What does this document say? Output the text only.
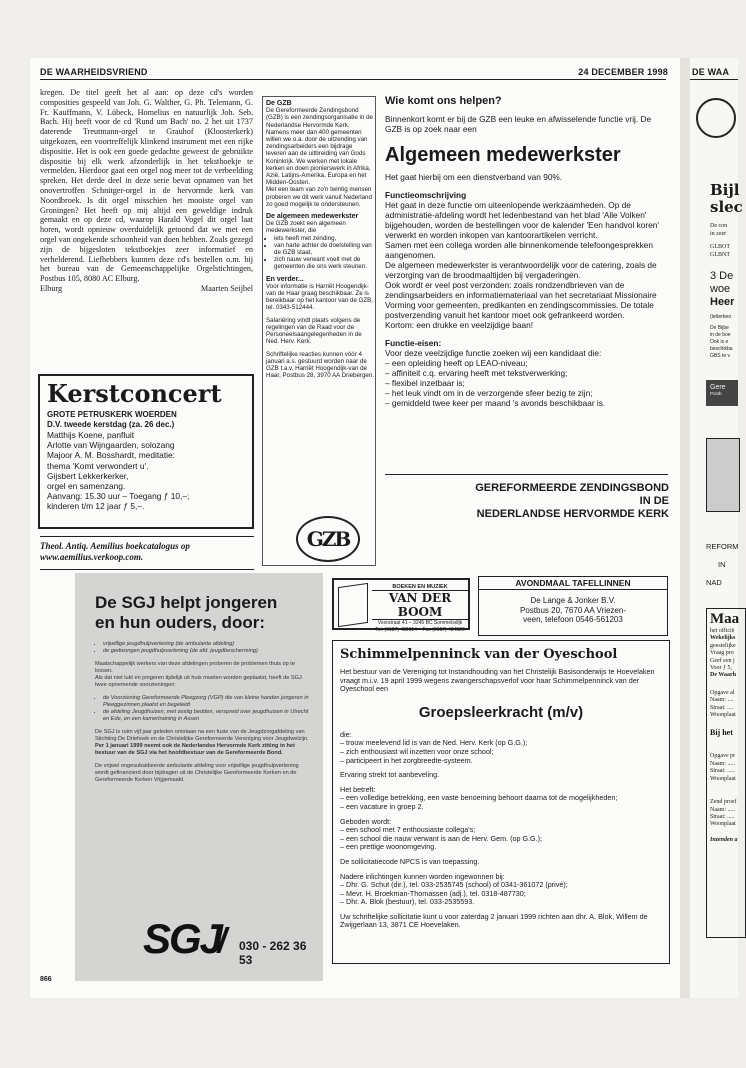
DE WAARHEIDSVRIEND	24 DECEMBER 1998
kregen. De titel geeft het al aan: op deze cd's worden composities gespeeld van Joh. G. Walther, G. Ph. Telemann, G. Fr. Kauffmann, V. Lübeck, Homelius en natuurlijk Joh. Seb. Bach. Hij heeft voor de cd 'Rund um Bach' no. 2 het uit 1737 daterende Treutmann-orgel te Grauhof (Kloosterkerk) uitgekozen, een voortreffelijk klinkend instrument met een rijke dispositie. Het is ook een goede gedachte geweest de gebruikte dispositie bij elk werk afzonderlijk in het tekstboekje te vermelden. Hierdoor gaat een orgel nog meer tot de verbeelding spreken. Het derde deel in deze serie bevat opnamen van het onovertroffen Schnitger-orgel in de hervormde kerk van Noordbroek. Is dit orgel misschien het mooiste orgel van Groningen? Het heeft op mij altijd een geweldige indruk gemaakt en op deze cd, waarop Harald Vogel dit orgel laat horen, wordt opnieuw overduidelijk getoond dat we met een orgel van ongekende schoonheid van doen hebben. Zoals gezegd zijn de bijgesloten tekstboekjes zeer informatief en verhelderend. Liefhebbers kunnen deze cd's bestellen o.m. bij het bureau van de Gemeenschappelijke Orgelstichtingen, Postbus 105, 8080 AC Elburg.
Elburg	Maarten Seijbel
Kerstconcert
GROTE PETRUSKERK WOERDEN
D.V. tweede kerstdag (za. 26 dec.)
Matthijs Koene, panfluit
Arlotte van Wijngaarden, solozang
Majoor A. M. Bosshardt, meditatie:
thema 'Komt verwondert u'.
Gijsbert Lekkerkerker,
orgel en samenzang.
Aanvang: 15.30 uur – Toegang ƒ 10,–;
kinderen t/m 12 jaar ƒ 5,–.
Theol. Antiq. Aemilius boekcatalogus op
www.aemilius.verkoop.com.
De GZB
De Gereformeerde Zendingsbond (GZB) is een zendingsorganisatie in de Nederlandse Hervormde Kerk. Namens meer dan 400 gemeenten willen we o.a. door de uitzending van zendingsarbeiders een bijdrage leveren aan de uitbreiding van Gods Koninkrijk. We werken met lokale kerken en doen pionierswerk in Afrika, Azië, Latijns-Amerika, Europa en het Midden-Oosten.
Met een team van zo'n twintig mensen proberen we dit werk vanuit Nederland zo goed mogelijk te ondersteunen.
De algemeen medewerkster
De GZB zoekt een algemeen medewerkster, die
• iets heeft met zending,
• van harte achter de doelstelling van de GZB staat,
• zich nauw verwant voelt met de gemeenten die ons werk steunen.
En verder...
Voor informatie is Harriët Hoogendijk-van de Haar graag beschikbaar. Ze is bereikbaar op het kantoor van de GZB, tel. 0343-512444.
Salariëring vindt plaats volgens de regelingen van de Raad voor de Personeelsaangelegenheden in de Ned. Herv. Kerk.
Schriftelijke reacties kunnen vóór 4 januari a.s. gestuurd worden naar de GZB t.a.v. Harriët Hoogendijk-van de Haar, Postbus 28, 3970 AA Driebergen.
GZB
Wie komt ons helpen?
Binnenkort komt er bij de GZB een leuke en afwisselende functie vrij. De GZB is op zoek naar een
Algemeen medewerkster
Het gaat hierbij om een dienstverband van 90%.
Functieomschrijving
Het gaat in deze functie om uiteenlopende werkzaamheden. Op de administratie-afdeling wordt het ledenbestand van het blad 'Alle Volken' bijgehouden, worden de bestellingen voor de kalender 'Een handvol koren' verwerkt en worden inkopen van kantoorartikelen verricht.
Samen met een collega worden alle binnenkomende telefoongesprekken aangenomen.
De algemeen medewerkster is verantwoordelijk voor de catering, zoals de verzorging van de broodmaaltijden bij vergaderingen.
Ook wordt er veel post verzonden: zoals rondzendbrieven van de zendingsarbeiders en informatiemateriaal van het secretariaat Missionaire Vorming voor gemeenten, predikanten en zendingscommissies. De totale postverzending vanuit het kantoor moet ook gefrankeerd worden.
Kortom: een drukke en veelzijdige baan!
Functie-eisen:
Voor deze veelzijdige functie zoeken wij een kandidaat die:
– een opleiding heeft op LEAO-niveau;
– affiniteit c.q. ervaring heeft met tekstverwerking;
– flexibel inzetbaar is;
– het leuk vindt om in de verzorgende sfeer bezig te zijn;
– gemiddeld twee keer per maand 's avonds beschikbaar is.
GEREFORMEERDE ZENDINGSBOND
IN DE
NEDERLANDSE HERVORMDE KERK
BOEKEN EN MUZIEK
VAN DER BOOM
Voorstraat 41 – 3245 BC Sommelsdijk
Tel. (0187) 482614 – Fax (0187) 484520
AVONDMAAL TAFELLINNEN
De Lange & Jonker B.V.
Postbus 20, 7670 AA Vriezen-
veen, telefoon 0546-561203
De SGJ helpt jongeren
en hun ouders, door:
• vrijwillige jeugdhulpverlening (de ambulante afdeling)
• de gedwongen jeugdhulpverlening (de afd. jeugdbescherming)
Maatschappelijk werkers van deze afdelingen proberen de problemen thuis op te lossen.
Als dat niet lukt en jongeren tijdelijk uit huis moeten worden geplaatst, heeft de SGJ twee opnemende voorzieningen:
• de Voorziening Gereformeerde Pleegzorg (VGP) die van kleine handen jongeren in Pleeggezinnen plaatst en begeleidt
• de afdeling Jeugdhuizen, met zestig bedden, verspreid over jeugdhuizen in Utrecht en Ede, en een kamertraining in Assen
De SGJ is ruim vijf jaar geleden ontstaan na een fusie van de Jeugdzorgafdeling van Stichting De Driehoek en de Christelijke Gereformeerde Vereniging voor Jeugdwelzijn.
Per 1 januari 1999 neemt ook de Nederlandse Hervormde Kerk zitting in het bestuur van de SGJ via het hoofdbestuur van de Gereformeerde Bond.
De vrijwel ongesubsidieerde ambulante afdeling voor vrijwillige jeugdhulpverlening wordt gefinancierd door bijdragen uit de Christelijke Gereformeerde Kerken en de Gereformeerde Kerken Vrijgemaakt.
SGJ 030 - 262 36 53
Schimmelpenninck van der Oyeschool
Het bestuur van de Vereniging tot Instandhouding van het Christelijk Basisonderwijs te Hoevelaken vraagt m.i.v. 19 april 1999 wegens zwangerschapsverlof voor haar Schimmelpenninck van der Oyeschool een
Groepsleerkracht (m/v)
die:
– trouw meelevend lid is van de Ned. Herv. Kerk (op G.G.);
– zich enthousiast wil inzetten voor onze school;
– participeert in het zorgbreedte-systeem.
Ervaring strekt tot aanbeveling.
Het betreft:
– een volledige betrekking, een vaste benoeming behoort daarna tot de mogelijkheden;
– een vacature in groep 2.
Geboden wordt:
– een school met 7 enthousiaste collega's;
– een school die nauw verwant is aan de Herv. Gem. (op G.G.);
– een prettige woonomgeving.
De sollicitatiecode NPCS is van toepassing.
Nadere inlichtingen kunnen worden ingewonnen bij:
– Dhr. G. Schut (dir.), tel. 033-2535745 (school) of 0341-361072 (privé);
– Mevr. H. Broekman-Thomassen (adj.), tel. 0318-487730;
– Dhr. A. Blok (bestuur), tel. 033-2535593.
Uw schriftelijke sollicitatie kunt u voor zaterdag 2 januari 1999 richten aan dhr. A. Blok, Willem de Zwijgerlaan 13, 3871 CE Hoevelaken.
866
DE WAA
Bijl
slec
De con
in zeer
GLBOT
GLBNT
3 De
woe
Heer
(letterbeo
De Bijbe
in de boe
Ook is e
beschikba
GBS te v
Gere
Postb
REFORM
IN
NAD
Maa
het officië
Wekelijks
geestelijke
Vraag pro
Geef een j
Voor ƒ 5,
De Waarh
Opgave al
Naam: ....
Straat: ....
Woonplaat
Bij het
Opgave pr
Naam: .....
Straat: .....
Woonplaat
Zend proef
Naam: .....
Straat: .....
Woonplaat
Inzenden a
